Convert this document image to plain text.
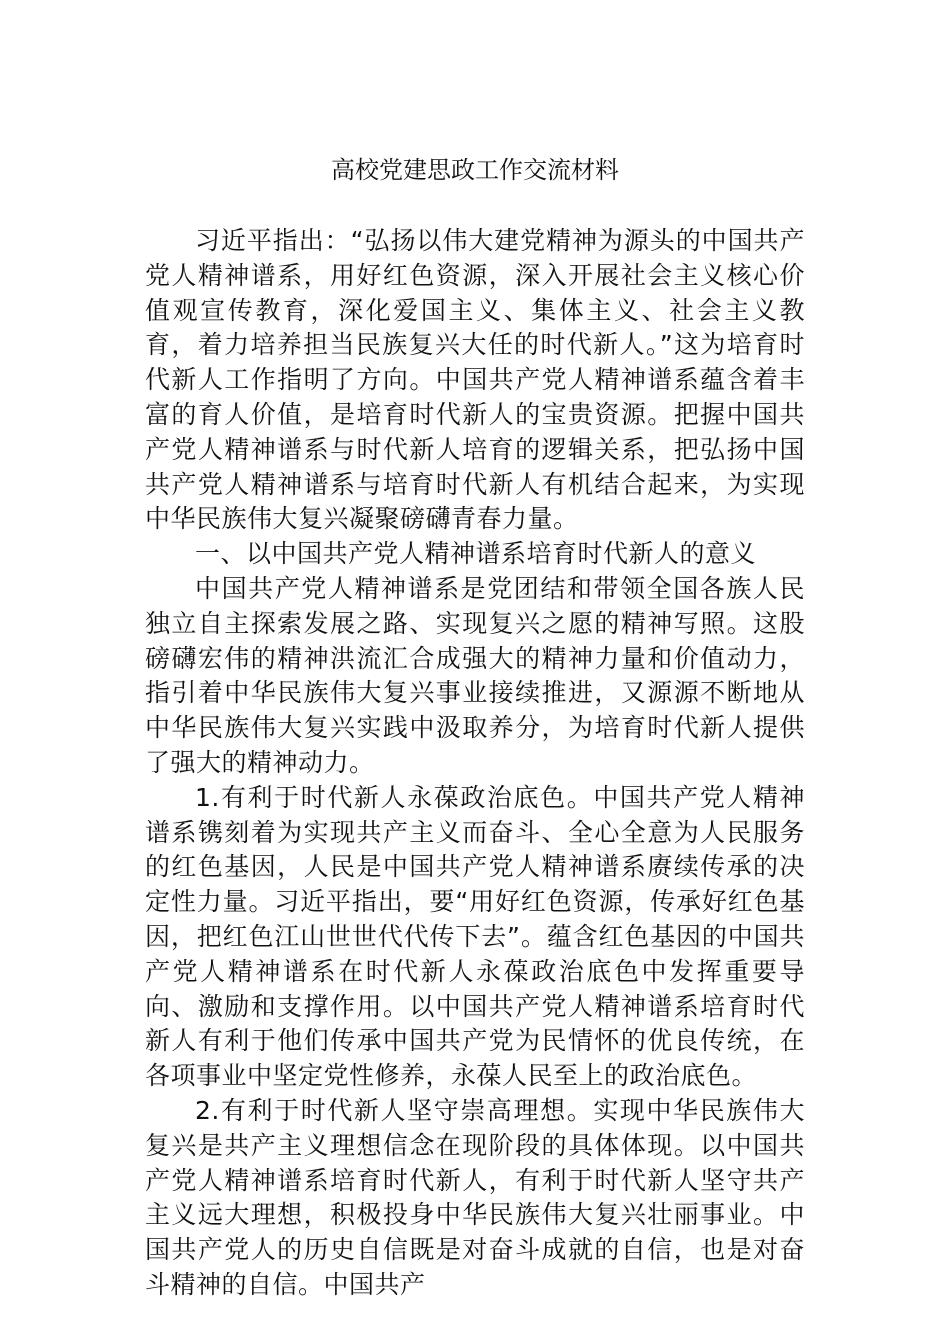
高校党建思政工作交流材料

习近平指出：“弘扬以伟大建党精神为源头的中国共产党人精神谱系，用好红色资源，深入开展社会主义核心价值观宣传教育，深化爱国主义、集体主义、社会主义教育，着力培养担当民族复兴大任的时代新人。”这为培育时代新人工作指明了方向。中国共产党人精神谱系蕴含着丰富的育人价值，是培育时代新人的宝贵资源。把握中国共产党人精神谱系与时代新人培育的逻辑关系，把弘扬中国共产党人精神谱系与培育时代新人有机结合起来，为实现中华民族伟大复兴凝聚磅礴青春力量。

一、以中国共产党人精神谱系培育时代新人的意义

中国共产党人精神谱系是党团结和带领全国各族人民独立自主探索发展之路、实现复兴之愿的精神写照。这股磅礴宏伟的精神洪流汇合成强大的精神力量和价值动力，指引着中华民族伟大复兴事业接续推进，又源源不断地从中华民族伟大复兴实践中汲取养分，为培育时代新人提供了强大的精神动力。

1.有利于时代新人永葆政治底色。中国共产党人精神谱系镌刻着为实现共产主义而奋斗、全心全意为人民服务的红色基因，人民是中国共产党人精神谱系赓续传承的决定性力量。习近平指出，要“用好红色资源，传承好红色基因，把红色江山世世代代传下去”。蕴含红色基因的中国共产党人精神谱系在时代新人永葆政治底色中发挥重要导向、激励和支撑作用。以中国共产党人精神谱系培育时代新人有利于他们传承中国共产党为民情怀的优良传统，在各项事业中坚定党性修养，永葆人民至上的政治底色。

2.有利于时代新人坚守崇高理想。实现中华民族伟大复兴是共产主义理想信念在现阶段的具体体现。以中国共产党人精神谱系培育时代新人，有利于时代新人坚守共产主义远大理想，积极投身中华民族伟大复兴壮丽事业。中国共产党人的历史自信既是对奋斗成就的自信，也是对奋斗精神的自信。中国共产
